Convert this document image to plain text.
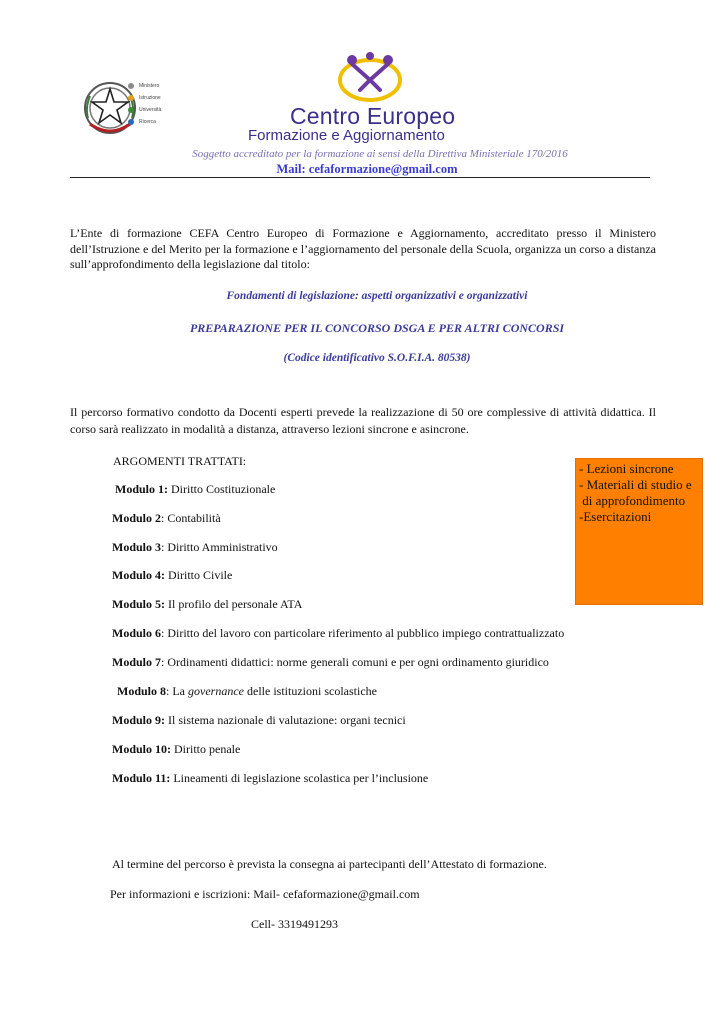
Ministero
Istruzione
Università
Ricerca	Centro Europeo
Formazione e Aggiornamento
Soggetto accreditato per la formazione ai sensi della Direttiva Ministeriale 170/2016
Mail: cefaformazione@gmail.com
L’Ente di formazione CEFA Centro Europeo di Formazione e Aggiornamento, accreditato presso il Ministero dell’Istruzione e del Merito per la formazione e l’aggiornamento del personale della Scuola, organizza un corso a distanza sull’approfondimento della legislazione dal titolo:
Fondamenti di legislazione: aspetti organizzativi e organizzativi
PREPARAZIONE PER IL CONCORSO DSGA E PER ALTRI CONCORSI
(Codice identificativo S.O.F.I.A. 80538)
Il percorso formativo condotto da Docenti esperti prevede la realizzazione di 50 ore complessive di attività didattica. Il corso sarà realizzato in modalità a distanza, attraverso lezioni sincrone e asincrone.
ARGOMENTI TRATTATI:
Modulo 1: Diritto Costituzionale
Modulo 2: Contabilità
Modulo 3: Diritto Amministrativo
Modulo 4: Diritto Civile
Modulo 5: Il profilo del personale ATA
Modulo 6: Diritto del lavoro con particolare riferimento al pubblico impiego contrattualizzato
Modulo 7: Ordinamenti didattici: norme generali comuni e per ogni ordinamento giuridico
Modulo 8: La governance delle istituzioni scolastiche
Modulo 9: Il sistema nazionale di valutazione: organi tecnici
Modulo 10: Diritto penale
Modulo 11: Lineamenti di legislazione scolastica per l’inclusione
- Lezioni sincrone
- Materiali di studio e
di approfondimento
-Esercitazioni
Al termine del percorso è prevista la consegna ai partecipanti dell’Attestato di formazione.
Per informazioni e iscrizioni: Mail- cefaformazione@gmail.com
Cell- 3319491293
